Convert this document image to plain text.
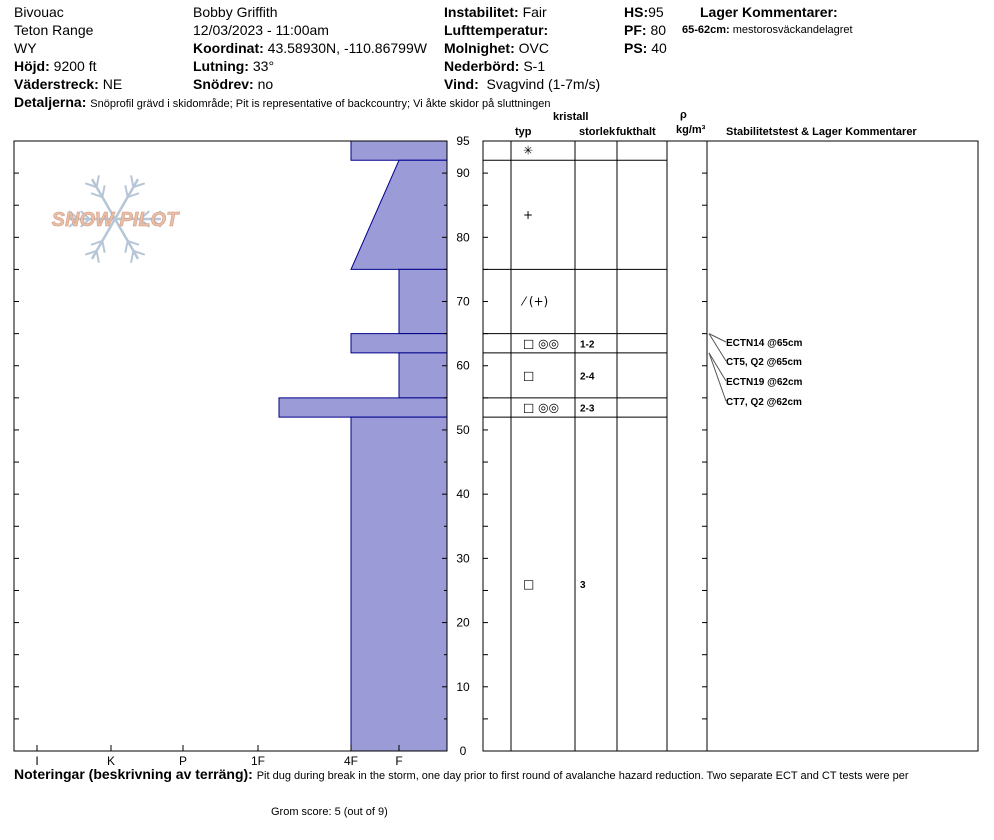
Bivouac
Teton Range
WY
Höjd: 9200 ft
Väderstreck: NE
Bobby Griffith
12/03/2023 - 11:00am
Koordinat: 43.58930N, -110.86799W
Lutning: 33°
Snödrev: no
Instabilitet: Fair
Lufttemperatur:
Molnighet: OVC
Nederbörd: S-1
Vind: Svagvind (1-7m/s)
HS:95
PF: 80
PS: 40
Lager Kommentarer:
65-62cm: mestorosväckandelagret
Detaljerna: Snöprofil grävd i skidområde; Pit is representative of backcountry; Vi åkte skidor på sluttningen
typ
kristall
storlek fukthalt
ρ
kg/m³ Stabilitetstest & Lager Kommentarer
SNOW PILOT
0
10
20
30
40
50
60
70
80
90
95
I	K	P	1F	4F	F
✳
+
⁄ (+)
□ ◎◎ 1-2
□	2-4
□ ◎◎ 2-3
□	3
ECTN14 @65cm
CT5, Q2 @65cm
ECTN19 @62cm
CT7, Q2 @62cm
Noteringar (beskrivning av terräng): Pit dug during break in the storm, one day prior to first round of avalanche hazard reduction. Two separate ECT and CT tests were per
Grom score: 5 (out of 9)
